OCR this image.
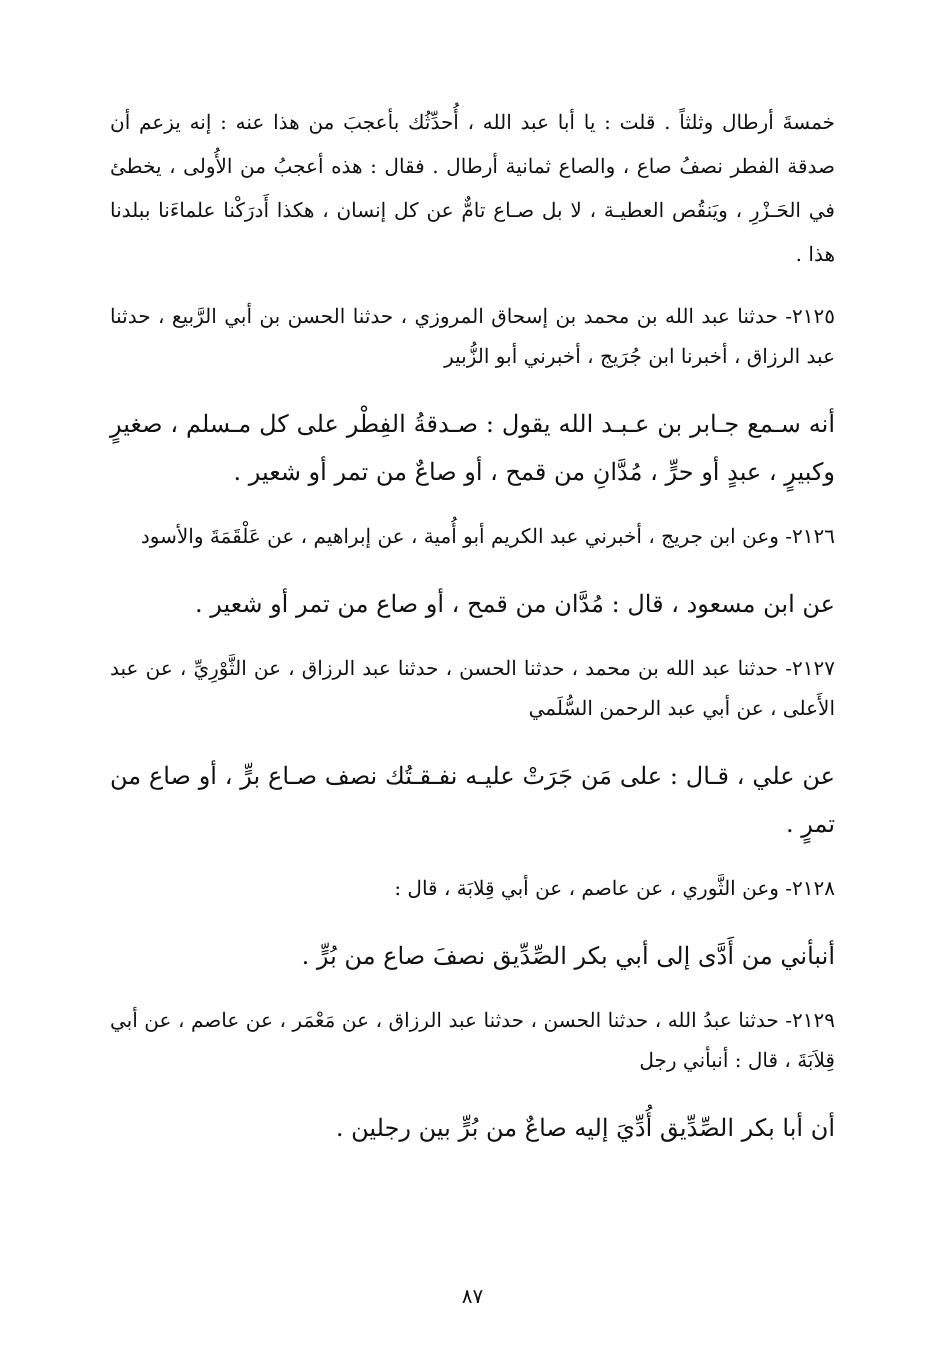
خمسةَ أرطال وثلثاً . قلت : يا أبا عبد الله ، أُحدِّثُك بأعجبَ من هذا عنه : إنه يزعم أن صدقة الفطر نصفُ صاع ، والصاع ثمانية أرطال . فقال : هذه أعجبُ من الأُولى ، يخطئ في الحَـزْرِ ، ويَنقُص العطيـة ، لا بل صـاع تامٌّ عن كل إنسان ، هكذا أَدرَكْنا علماءَنا ببلدنا هذا .

٢١٢٥- حدثنا عبد الله بن محمد بن إسحاق المروزي ، حدثنا الحسن بن أبي الرَّبيع ، حدثنا عبد الرزاق ، أخبرنا ابن جُرَيج ، أخبرني أبو الزُّبير

أنه سـمع جـابر بن عـبـد الله يقول : صـدقةُ الفِطْر على كل مـسلم ، صغيرٍ وكبيرٍ ، عبدٍ أو حرٍّ ، مُدَّانِ من قمح ، أو صاعٌ من تمر أو شعير .

٢١٢٦- وعن ابن جريج ، أخبرني عبد الكريم أبو أُمية ، عن إبراهيم ، عن عَلْقَمَةَ والأسود

عن ابن مسعود ، قال : مُدَّان من قمح ، أو صاع من تمر أو شعير .

٢١٢٧- حدثنا عبد الله بن محمد ، حدثنا الحسن ، حدثنا عبد الرزاق ، عن الثَّوْرِيِّ ، عن عبد الأَعلى ، عن أبي عبد الرحمن السُّلَمي

عن علي ، قـال : على مَن جَرَتْ عليـه نفـقـتُك نصف صـاع برٍّ ، أو صاع من تمرٍ .

٢١٢٨- وعن الثَّوري ، عن عاصم ، عن أبي قِلابَة ، قال :

أنبأني من أَدَّى إلى أبي بكر الصِّدِّيق نصفَ صاع من بُرٍّ .

٢١٢٩- حدثنا عبدُ الله ، حدثنا الحسن ، حدثنا عبد الرزاق ، عن مَعْمَر ، عن عاصم ، عن أبي قِلاَبَةَ ، قال : أنبأني رجل

أن أبا بكر الصِّدِّيق أُدِّيَ إليه صاعٌ من بُرٍّ بين رجلين .

٨٧
